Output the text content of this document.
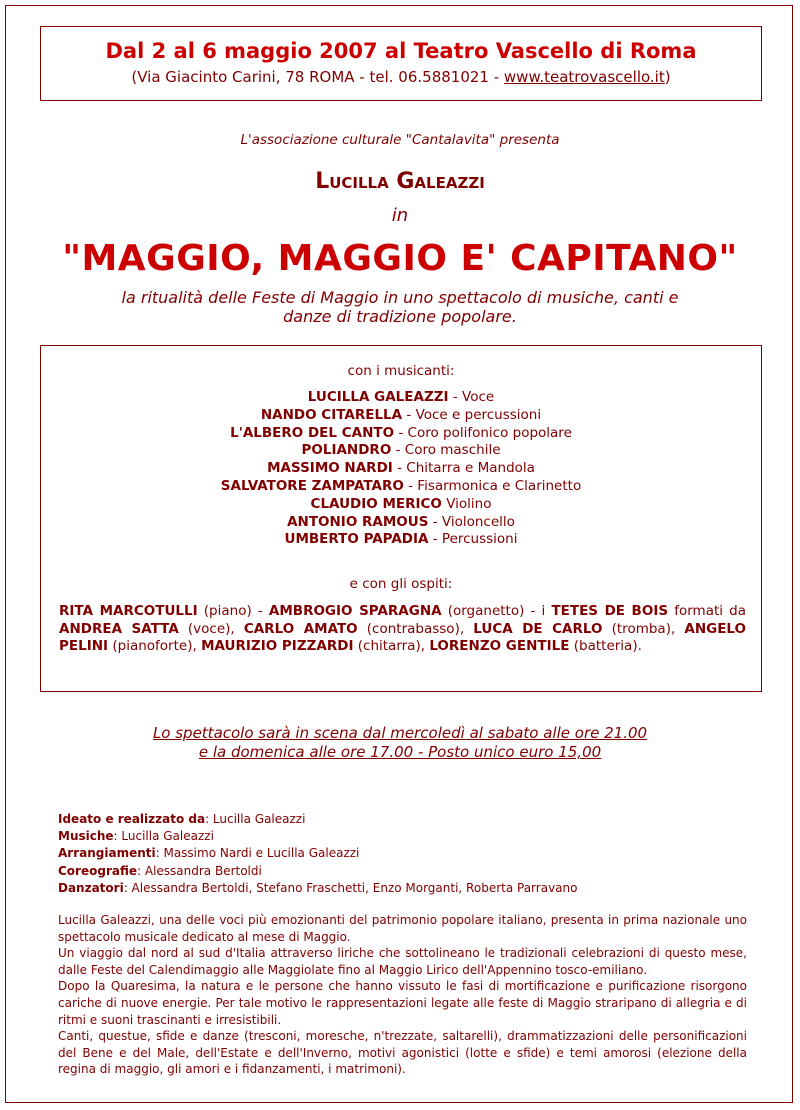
Dal 2 al 6 maggio 2007 al Teatro Vascello di Roma
(Via Giacinto Carini, 78 ROMA - tel. 06.5881021 - www.teatrovascello.it)
L'associazione culturale "Cantalavita" presenta
Lucilla Galeazzi
in
"MAGGIO, MAGGIO E' CAPITANO"
la ritualità delle Feste di Maggio in uno spettacolo di musiche, canti e
danze di tradizione popolare.
con i musicanti:
LUCILLA GALEAZZI - Voce
NANDO CITARELLA - Voce e percussioni
L'ALBERO DEL CANTO - Coro polifonico popolare
POLIANDRO - Coro maschile
MASSIMO NARDI - Chitarra e Mandola
SALVATORE ZAMPATARO - Fisarmonica e Clarinetto
CLAUDIO MERICO Violino
ANTONIO RAMOUS - Violoncello
UMBERTO PAPADIA - Percussioni
e con gli ospiti:
RITA MARCOTULLI (piano) - AMBROGIO SPARAGNA (organetto) - i TETES DE BOIS formati da ANDREA SATTA (voce), CARLO AMATO (contrabasso), LUCA DE CARLO (tromba), ANGELO PELINI (pianoforte), MAURIZIO PIZZARDI (chitarra), LORENZO GENTILE (batteria).
Lo spettacolo sarà in scena dal mercoledì al sabato alle ore 21.00
e la domenica alle ore 17.00 - Posto unico euro 15,00
Ideato e realizzato da: Lucilla Galeazzi
Musiche: Lucilla Galeazzi
Arrangiamenti: Massimo Nardi e Lucilla Galeazzi
Coreografie: Alessandra Bertoldi
Danzatori: Alessandra Bertoldi, Stefano Fraschetti, Enzo Morganti, Roberta Parravano

Lucilla Galeazzi, una delle voci più emozionanti del patrimonio popolare italiano, presenta in prima nazionale uno spettacolo musicale dedicato al mese di Maggio.

Un viaggio dal nord al sud d'Italia attraverso liriche che sottolineano le tradizionali celebrazioni di questo mese, dalle Feste del Calendimaggio alle Maggiolate fino al Maggio Lirico dell'Appennino tosco-emiliano.

Dopo la Quaresima, la natura e le persone che hanno vissuto le fasi di mortificazione e purificazione risorgono cariche di nuove energie. Per tale motivo le rappresentazioni legate alle feste di Maggio straripano di allegria e di ritmi e suoni trascinanti e irresistibili.

Canti, questue, sfide e danze (tresconi, moresche, n'trezzate, saltarelli), drammatizzazioni delle personificazioni del Bene e del Male, dell'Estate e dell'Inverno, motivi agonistici (lotte e sfide) e temi amorosi (elezione della regina di maggio, gli amori e i fidanzamenti, i matrimoni).
